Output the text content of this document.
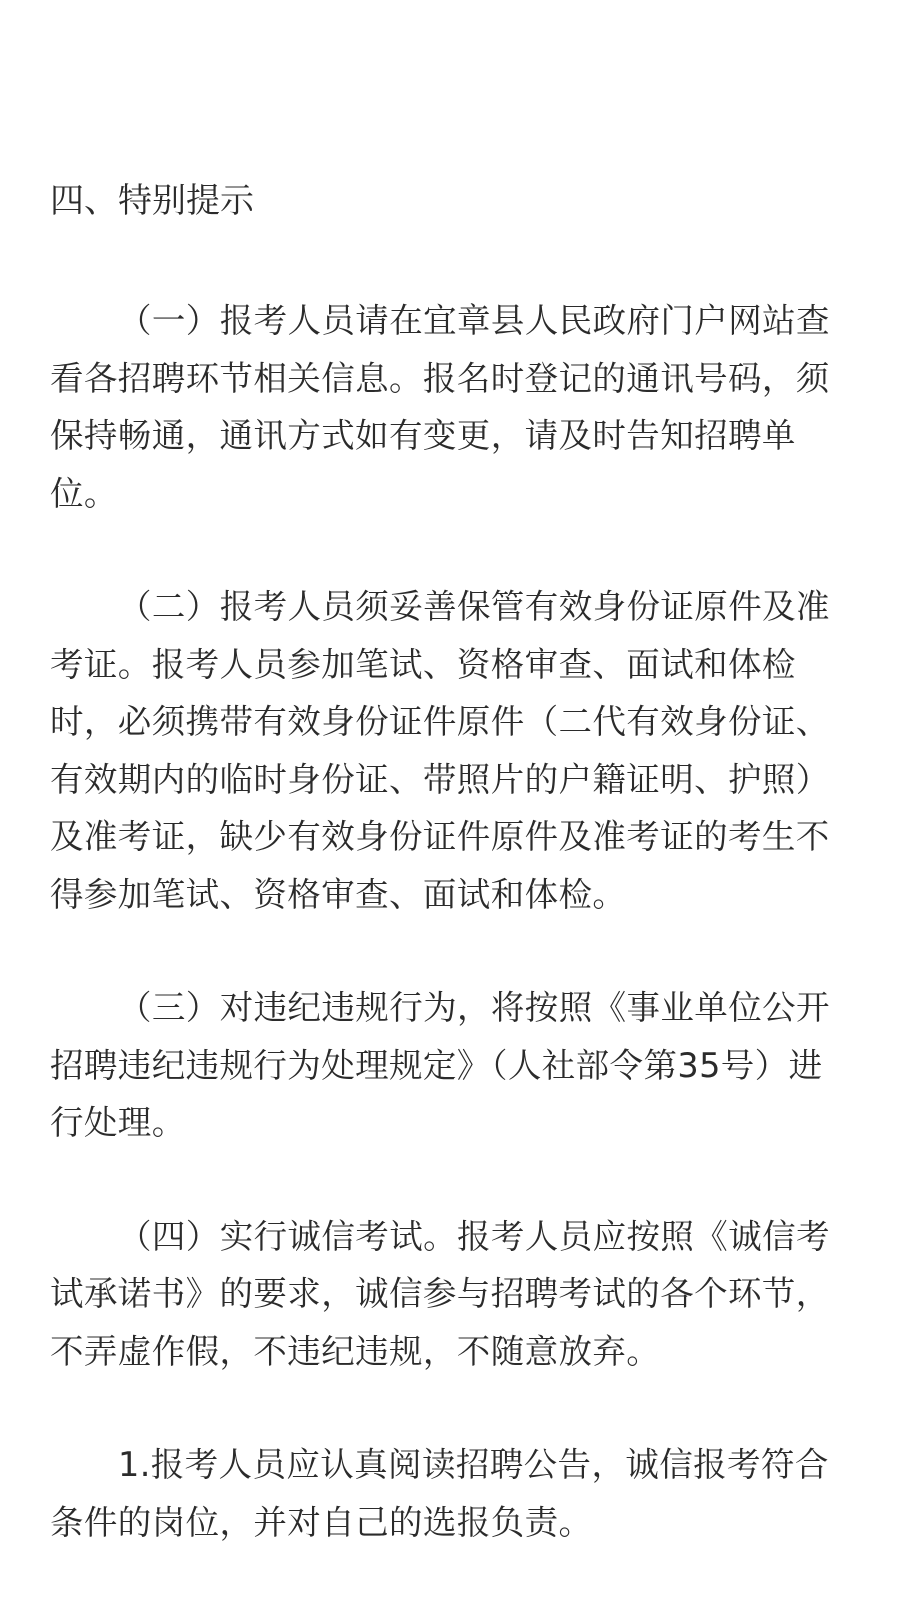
四、特别提示

（一）报考人员请在宜章县人民政府门户网站查看各招聘环节相关信息。报名时登记的通讯号码，须保持畅通，通讯方式如有变更，请及时告知招聘单位。

（二）报考人员须妥善保管有效身份证原件及准考证。报考人员参加笔试、资格审查、面试和体检时，必须携带有效身份证件原件（二代有效身份证、有效期内的临时身份证、带照片的户籍证明、护照）及准考证，缺少有效身份证件原件及准考证的考生不得参加笔试、资格审查、面试和体检。

（三）对违纪违规行为，将按照《事业单位公开招聘违纪违规行为处理规定》（人社部令第35号）进行处理。

（四）实行诚信考试。报考人员应按照《诚信考试承诺书》的要求，诚信参与招聘考试的各个环节，不弄虚作假，不违纪违规，不随意放弃。

1.报考人员应认真阅读招聘公告，诚信报考符合条件的岗位，并对自己的选报负责。
